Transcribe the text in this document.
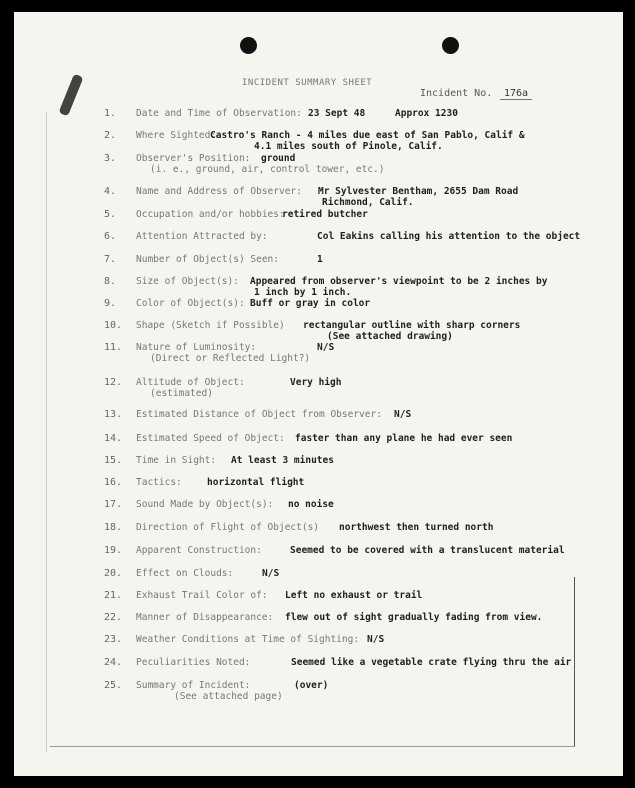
INCIDENT SUMMARY SHEET
Incident No.	176a
1.	Date and Time of Observation: 23 Sept 48	Approx 1230
2.	Where Sighted:
Castro's Ranch - 4 miles due east of San Pablo, Calif &
4.1 miles south of Pinole, Calif.
3.	Observer's Position: ground
(i. e., ground, air, control tower, etc.)
4.	Name and Address of Observer: Mr Sylvester Bentham, 2655 Dam Road
Richmond, Calif.
5.	Occupation and/or hobbies:
retired butcher
6.	Attention Attracted by:	Col Eakins calling his attention to the object
7.	Number of Object(s) Seen:	1
8.	Size of Object(s): Appeared from observer's viewpoint to be 2 inches by
1 inch by 1 inch.
9.	Color of Object(s): Buff or gray in color
10.	Shape (Sketch if Possible) rectangular outline with sharp corners
(See attached drawing)
11.	Nature of Luminosity:	N/S
(Direct or Reflected Light?)
12.	Altitude of Object:	Very high
(estimated)
13.	Estimated Distance of Object from Observer: N/S
14.	Estimated Speed of Object: faster than any plane he had ever seen
15.	Time in Sight: At least 3 minutes
16.	Tactics:	horizontal flight
17.	Sound Made by Object(s): no noise
18.	Direction of Flight of Object(s) northwest then turned north
19.	Apparent Construction:	Seemed to be covered with a translucent material
20.	Effect on Clouds:	N/S
21.	Exhaust Trail Color of: Left no exhaust or trail
22.	Manner of Disappearance: flew out of sight gradually fading from view.
23.	Weather Conditions at Time of Sighting: N/S
24.	Peculiarities Noted:	Seemed like a vegetable crate flying thru the air
25.	Summary of Incident:	(over)
(See attached page)
